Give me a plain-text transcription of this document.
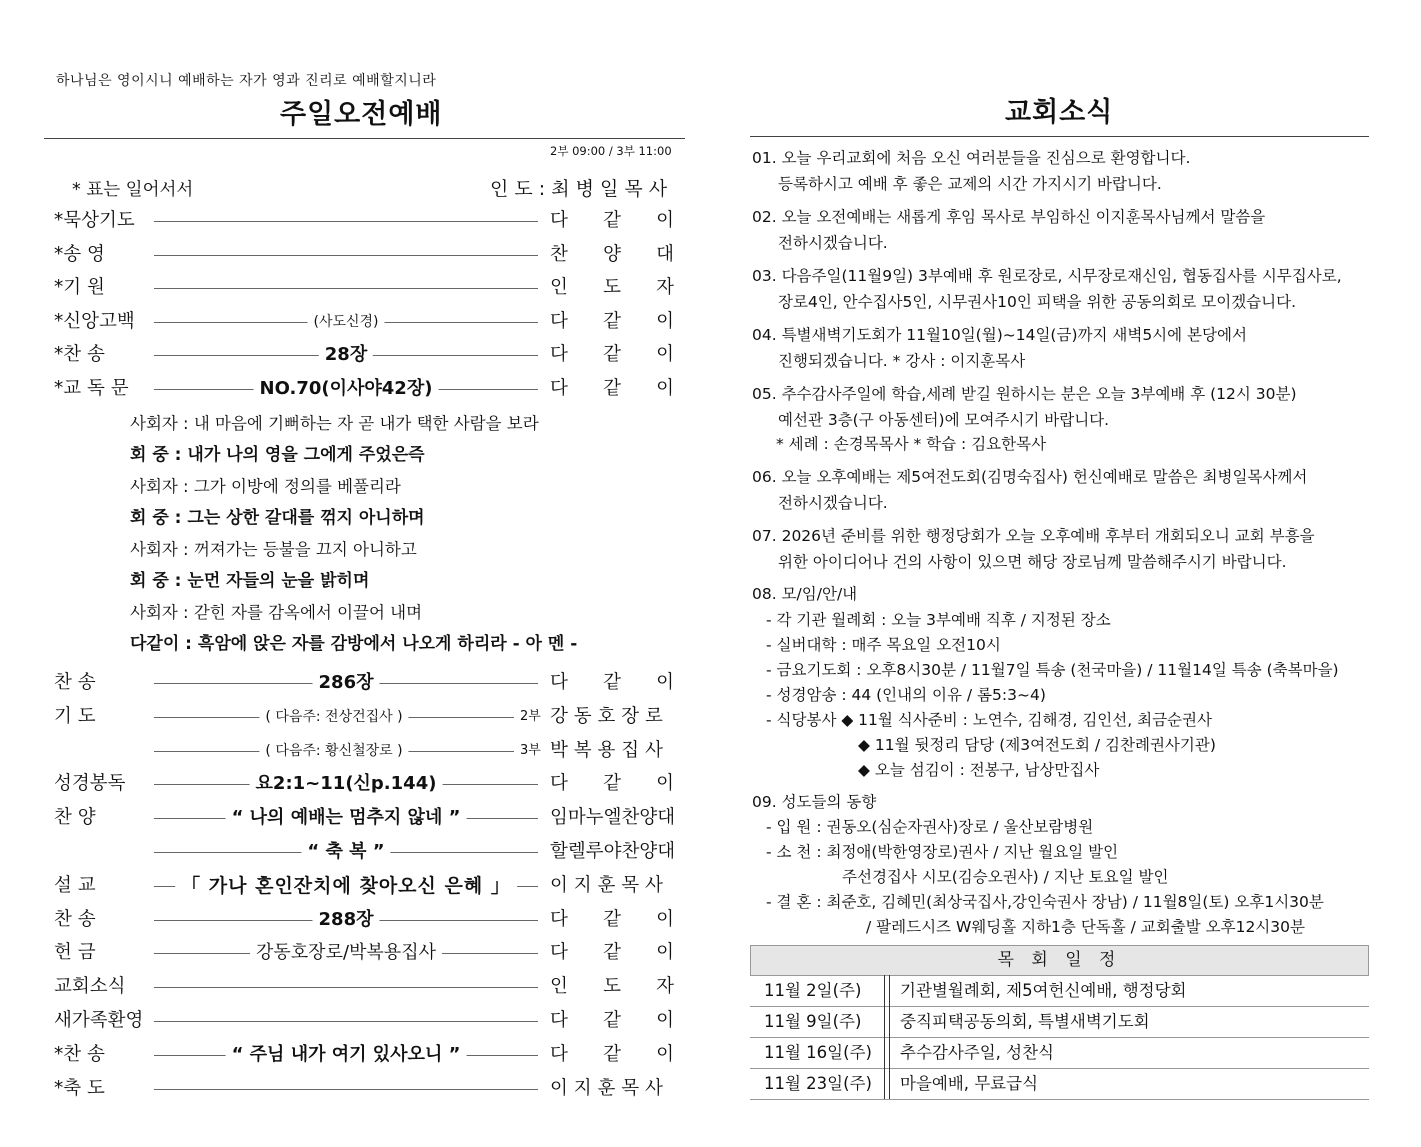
하나님은 영이시니 예배하는 자가 영과 진리로 예배할지니라
주일오전예배
2부 09:00 / 3부 11:00
* 표는 일어서서	인 도 : 최 병 일 목 사
*묵상기도	다 같 이
*송 영	찬 양 대
*기 원	인 도 자
*신앙고백	(사도신경)	다 같 이
*찬 송	28장	다 같 이
*교 독 문	NO.70(이사야42장)	다 같 이
사회자 : 내 마음에 기뻐하는 자 곧 내가 택한 사람을 보라
회 중 : 내가 나의 영을 그에게 주었은즉
사회자 : 그가 이방에 정의를 베풀리라
회 중 : 그는 상한 갈대를 꺾지 아니하며
사회자 : 꺼져가는 등불을 끄지 아니하고
회 중 : 눈먼 자들의 눈을 밝히며
사회자 : 갇힌 자를 감옥에서 이끌어 내며
다같이 : 흑암에 앉은 자를 감방에서 나오게 하리라 - 아 멘 -
찬 송	286장	다 같 이
기 도	( 다음주: 전상건집사 )	2부 강 동 호 장 로
( 다음주: 황신철장로 )	3부 박 복 용 집 사
성경봉독	요2:1~11(신p.144)	다 같 이
찬 양	“ 나의 예배는 멈추지 않네 ”	임마누엘찬양대
“ 축 복 ”	할렐루야찬양대
설 교	「 가나 혼인잔치에 찾아오신 은혜 」	이 지 훈 목 사
찬 송	288장	다 같 이
헌 금	강동호장로/박복용집사	다 같 이
교회소식	인 도 자
새가족환영	다 같 이
*찬 송	“ 주님 내가 여기 있사오니 ”	다 같 이
*축 도	이 지 훈 목 사
교회소식
01. 오늘 우리교회에 처음 오신 여러분들을 진심으로 환영합니다.
등록하시고 예배 후 좋은 교제의 시간 가지시기 바랍니다.
02. 오늘 오전예배는 새롭게 후임 목사로 부임하신 이지훈목사님께서 말씀을
전하시겠습니다.
03. 다음주일(11월9일) 3부예배 후 원로장로, 시무장로재신임, 협동집사를 시무집사로,
장로4인, 안수집사5인, 시무권사10인 피택을 위한 공동의회로 모이겠습니다.
04. 특별새벽기도회가 11월10일(월)~14일(금)까지 새벽5시에 본당에서
진행되겠습니다. * 강사 : 이지훈목사
05. 추수감사주일에 학습,세례 받길 원하시는 분은 오늘 3부예배 후 (12시 30분)
예선관 3층(구 아동센터)에 모여주시기 바랍니다.
* 세례 : 손경목목사 * 학습 : 김요한목사
06. 오늘 오후예배는 제5여전도회(김명숙집사) 헌신예배로 말씀은 최병일목사께서
전하시겠습니다.
07. 2026년 준비를 위한 행정당회가 오늘 오후예배 후부터 개회되오니 교회 부흥을
위한 아이디어나 건의 사항이 있으면 해당 장로님께 말씀해주시기 바랍니다.
08. 모/임/안/내
- 각 기관 월례회 : 오늘 3부예배 직후 / 지정된 장소
- 실버대학 : 매주 목요일 오전10시
- 금요기도회 : 오후8시30분 / 11월7일 특송 (천국마을) / 11월14일 특송 (축복마을)
- 성경암송 : 44 (인내의 이유 / 롬5:3~4)
- 식당봉사 ◆ 11월 식사준비 : 노연수, 김해경, 김인선, 최금순권사
◆ 11월 뒷정리 담당 (제3여전도회 / 김찬례권사기관)
◆ 오늘 섬김이 : 전봉구, 남상만집사
09. 성도들의 동향
- 입 원 : 권동오(심순자권사)장로 / 울산보람병원
- 소 천 : 최정애(박한영장로)권사 / 지난 월요일 발인
주선경집사 시모(김승오권사) / 지난 토요일 발인
- 결 혼 : 최준호, 김혜민(최상국집사,강인숙권사 장남) / 11월8일(토) 오후1시30분
/ 팔레드시즈 W웨딩홀 지하1층 단독홀 / 교회출발 오후12시30분
목 회 일 정
11월 2일(주) 기관별월례회, 제5여헌신예배, 행정당회
11월 9일(주) 중직피택공동의회, 특별새벽기도회
11월 16일(주) 추수감사주일, 성찬식
11월 23일(주) 마을예배, 무료급식
